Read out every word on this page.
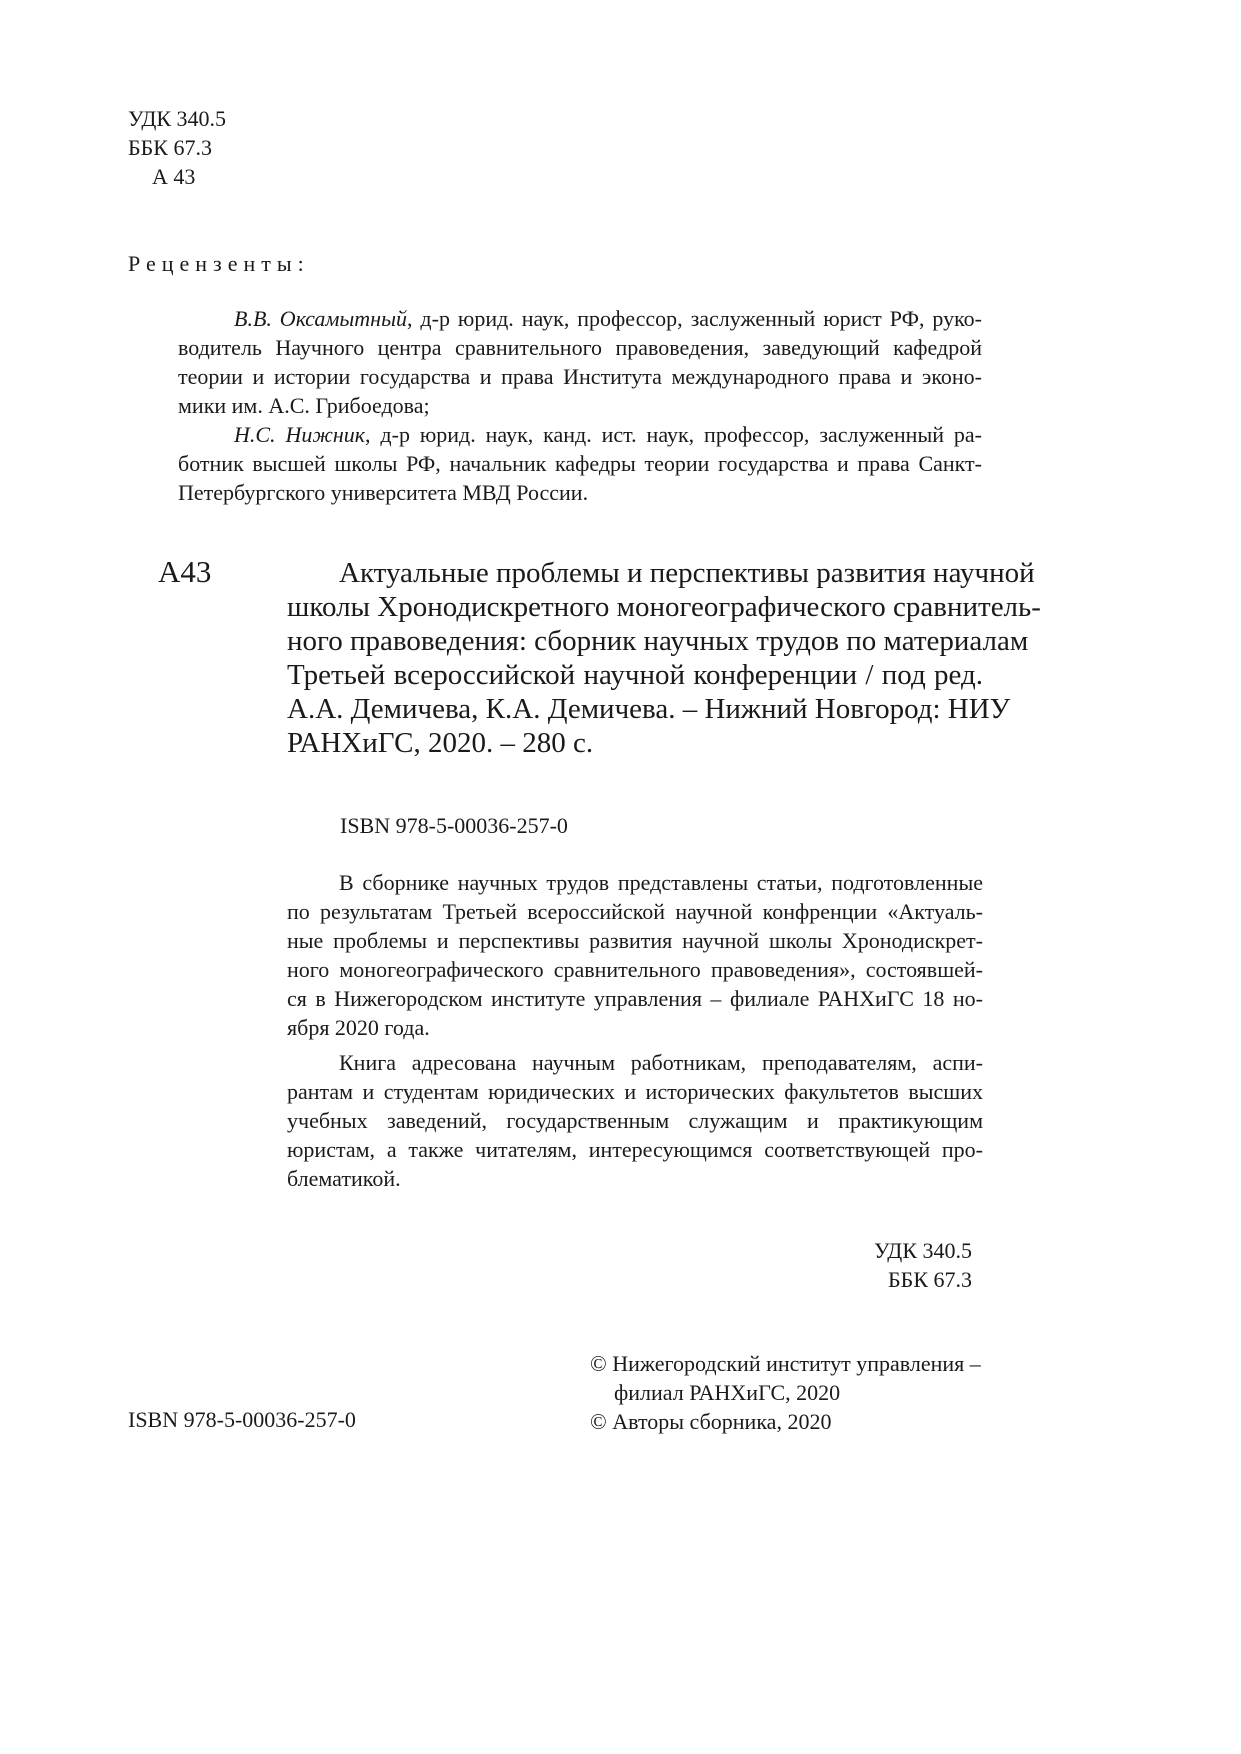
УДК 340.5
ББК 67.3
А 43
Рецензенты:
В.В. Оксамытный, д-р юрид. наук, профессор, заслуженный юрист РФ, руко-
водитель Научного центра сравнительного правоведения, заведующий кафедрой
теории и истории государства и права Института международного права и эконо-
мики им. А.С. Грибоедова;
Н.С. Нижник, д-р юрид. наук, канд. ист. наук, профессор, заслуженный ра-
ботник высшей школы РФ, начальник кафедры теории государства и права Санкт-
Петербургского университета МВД России.
А43	Актуальные проблемы и перспективы развития научной
школы Хронодискретного моногеографического сравнитель-
ного правоведения: сборник научных трудов по материалам
Третьей всероссийской научной конференции / под ред.
А.А. Демичева, К.А. Демичева. – Нижний Новгород: НИУ
РАНХиГС, 2020. – 280 с.
ISBN 978-5-00036-257-0
В сборнике научных трудов представлены статьи, подготовленные
по результатам Третьей всероссийской научной конфренции «Актуаль-
ные проблемы и перспективы развития научной школы Хронодискрет-
ного моногеографического сравнительного правоведения», состоявшей-
ся в Нижегородском институте управления – филиале РАНХиГС 18 но-
ября 2020 года.
Книга адресована научным работникам, преподавателям, аспи-
рантам и студентам юридических и исторических факультетов высших
учебных заведений, государственным служащим и практикующим
юристам, а также читателям, интересующимся соответствующей про-
блематикой.
УДК 340.5
ББК 67.3
© Нижегородский институт управления –
филиал РАНХиГС, 2020
© Авторы сборника, 2020
ISBN 978-5-00036-257-0
